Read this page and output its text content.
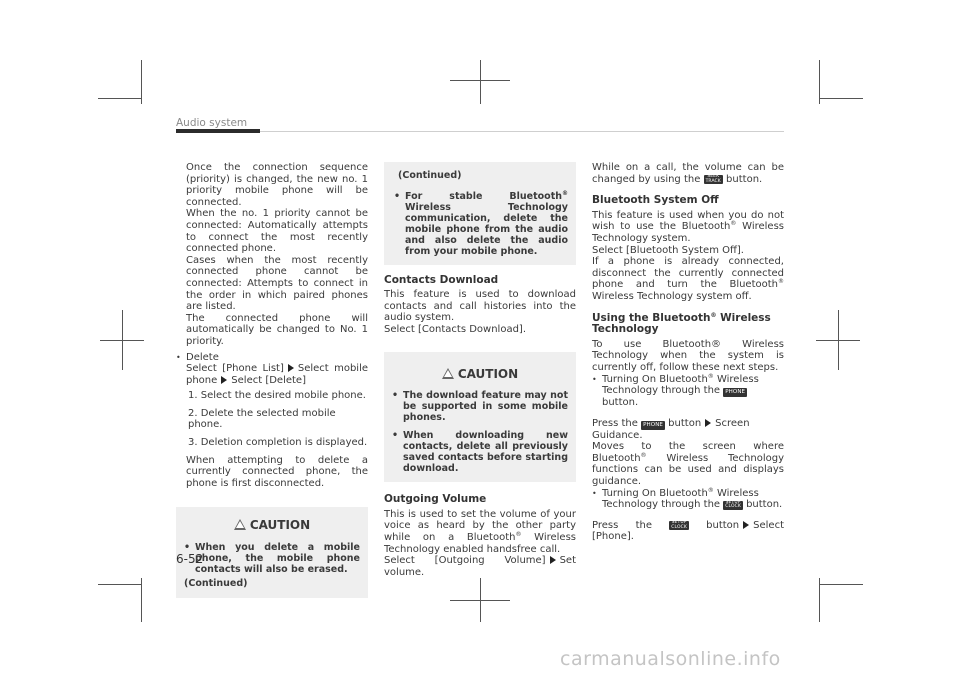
Audio system

Once the connection sequence (priority) is changed, the new no. 1 priority mobile phone will be connected.

When the no. 1 priority cannot be connected: Automatically attempts to connect the most recently connected phone.

Cases when the most recently connected phone cannot be connected: Attempts to connect in the order in which paired phones are listed.

The connected phone will automatically be changed to No. 1 priority.

• Delete

Select [Phone List] Select mobile phone Select [Delete]

1. Select the desired mobile phone.

2. Delete the selected mobile phone.

3. Deletion completion is displayed.

When attempting to delete a currently connected phone, the phone is first disconnected.

CAUTION
• When you delete a mobile phone, the mobile phone contacts will also be erased.
(Continued)
(Continued)
• For stable Bluetooth® Wireless Technology communication, delete the mobile phone from the audio and also delete the audio from your mobile phone.
Contacts Download

This feature is used to download contacts and call histories into the audio system.

Select [Contacts Download].

CAUTION
• The download feature may not be supported in some mobile phones.
• When downloading new contacts, delete all previously saved contacts before starting download.
Outgoing Volume

This is used to set the volume of your voice as heard by the other party while on a Bluetooth® Wireless Technology enabled handsfree call.

Select [Outgoing Volume] Set volume.

While on a call, the volume can be changed by using the	SEEK
TRACK button.

Bluetooth System Off

This feature is used when you do not wish to use the Bluetooth® Wireless Technology system.

Select [Bluetooth System Off].

If a phone is already connected, disconnect the currently connected phone and turn the Bluetooth® Wireless Technology system off.

Using the Bluetooth® Wireless Technology

To use Bluetooth® Wireless Technology when the system is currently off, follow these next steps.

• Turning On Bluetooth® Wireless Technology through the PHONE button.

Press the PHONE button Screen Guidance.

Moves to the screen where Bluetooth® Wireless Technology functions can be used and displays guidance.

• Turning On Bluetooth® Wireless Technology through the SETUP
CLOCK button.

Press the	SETUP
CLOCK button Select [Phone].

6-52
carmanualsonline.info
